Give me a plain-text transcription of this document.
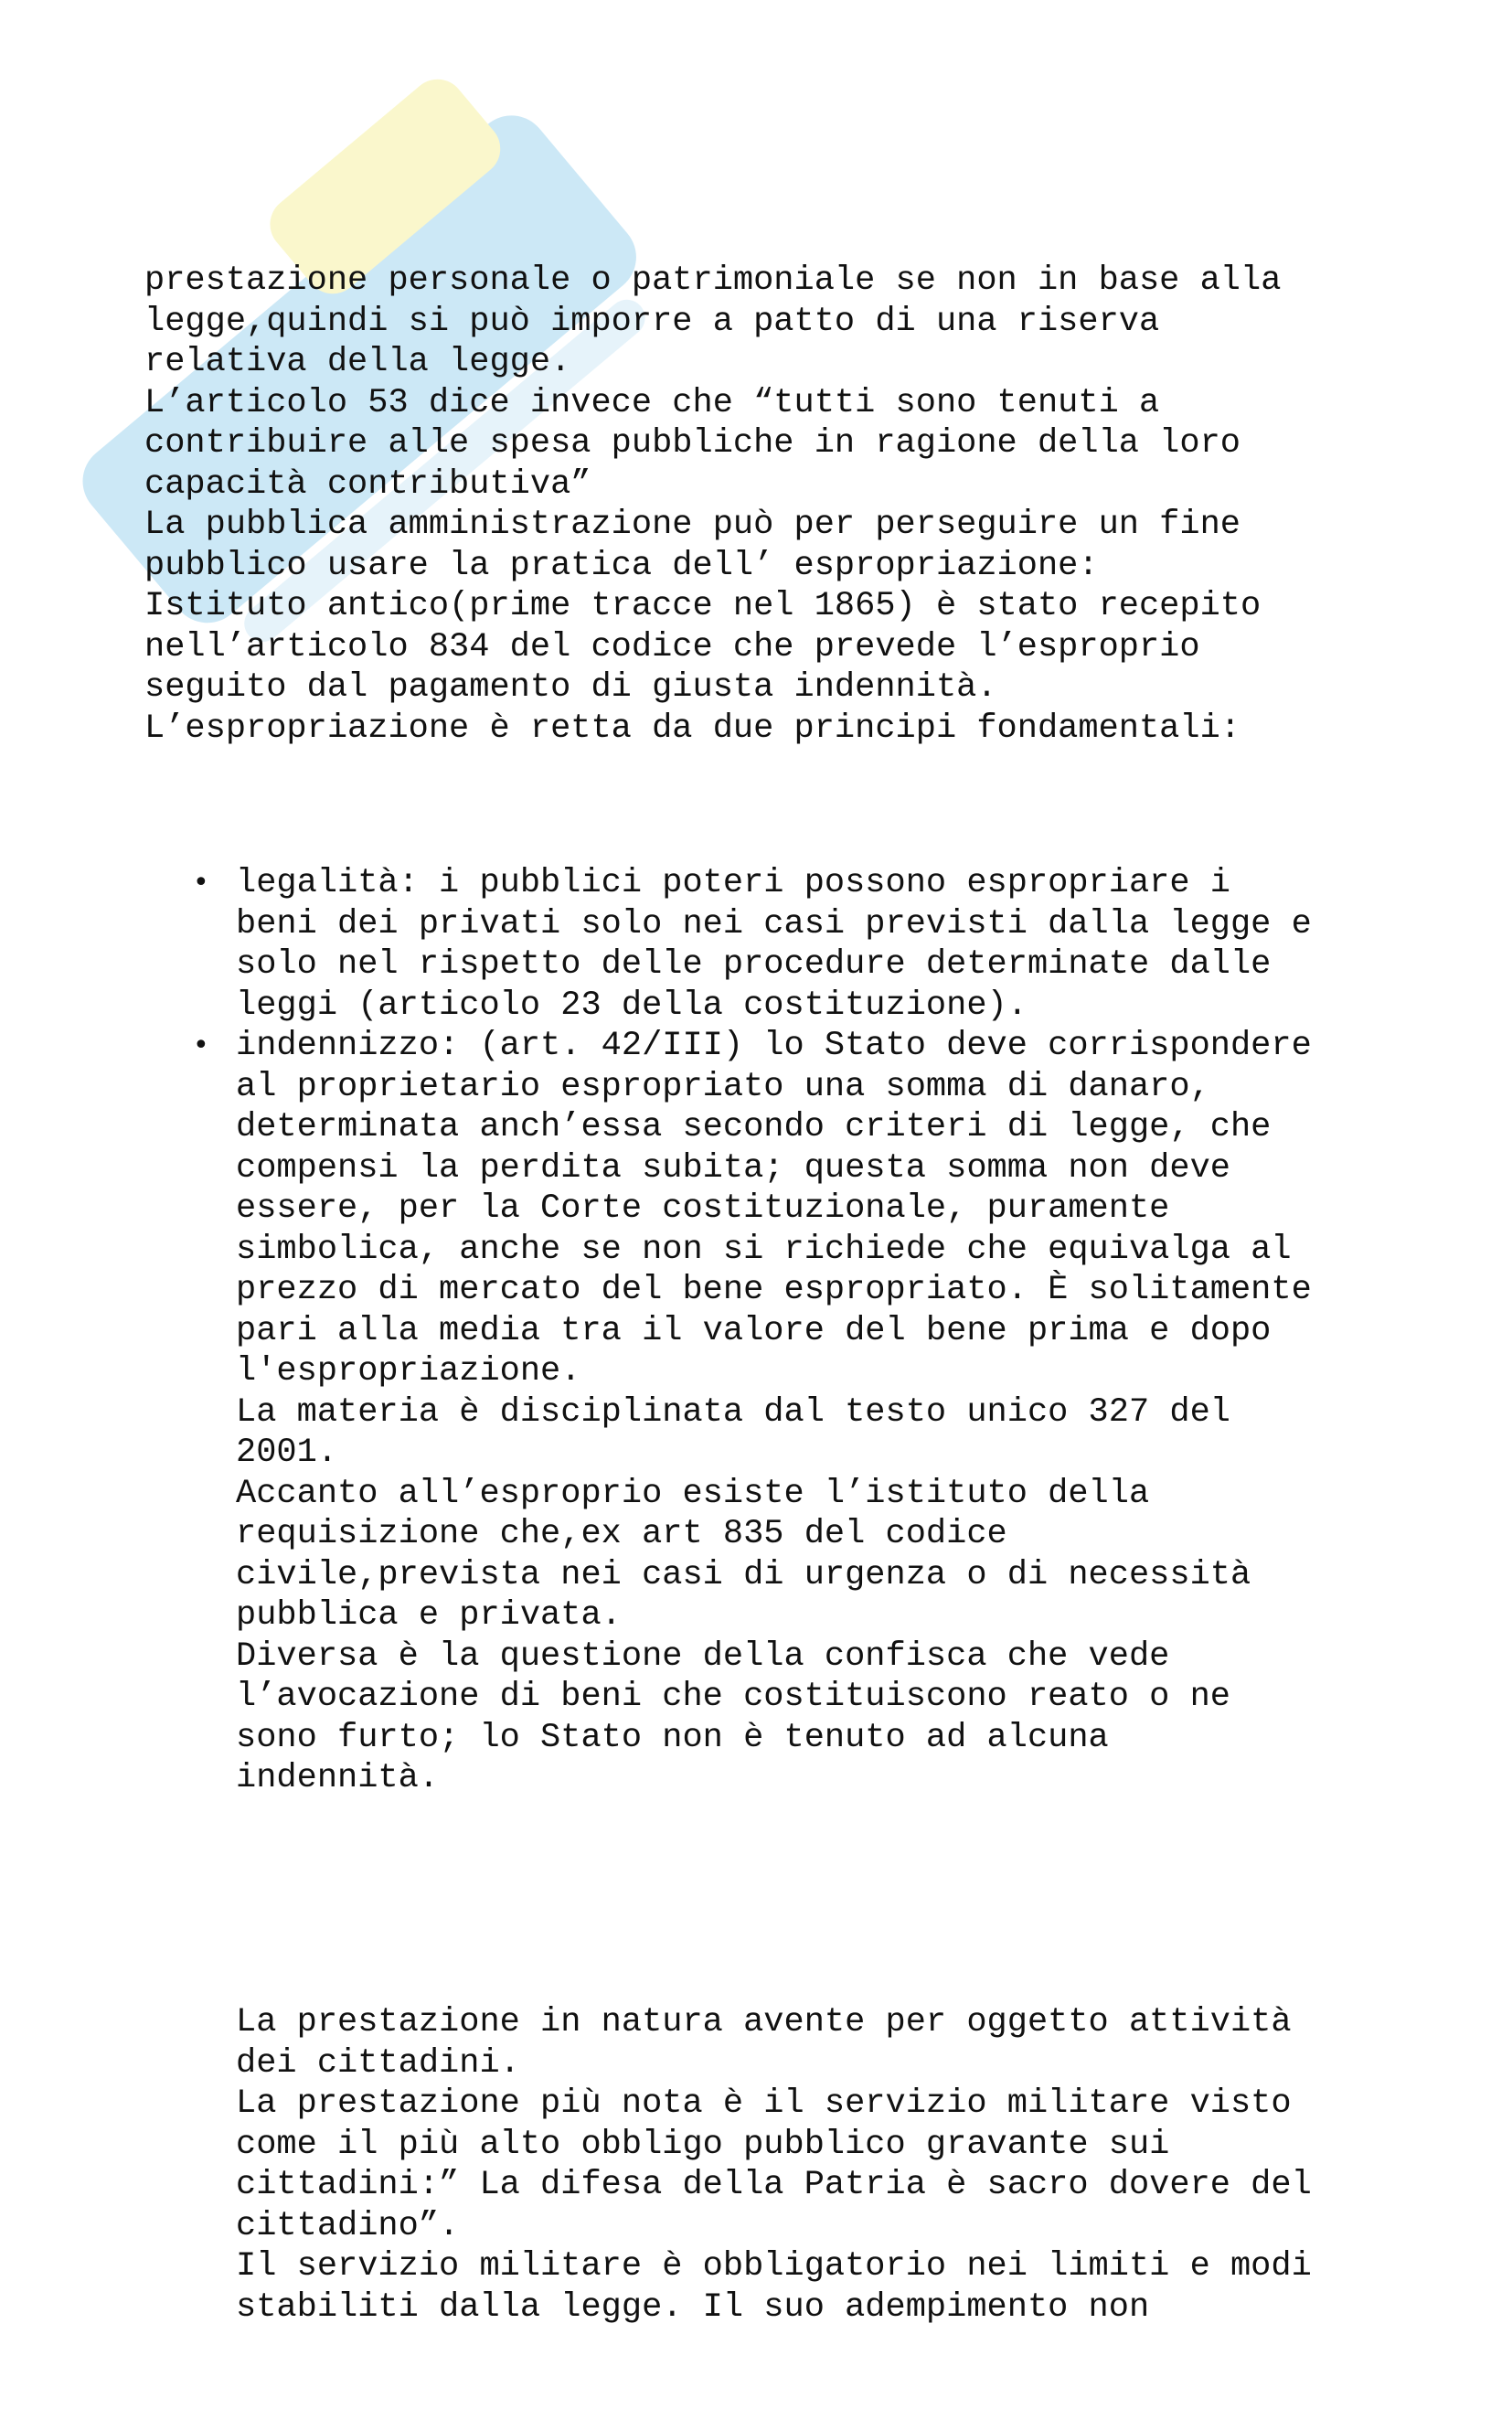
prestazione personale o patrimoniale se non in base alla
legge,quindi si può imporre a patto di una riserva
relativa della legge.
L’articolo 53 dice invece che “tutti sono tenuti a
contribuire alle spesa pubbliche in ragione della loro
capacità contributiva”
La pubblica amministrazione può per perseguire un fine
pubblico usare la pratica dell’ espropriazione:
Istituto antico(prime tracce nel 1865) è stato recepito
nell’articolo 834 del codice che prevede l’esproprio
seguito dal pagamento di giusta indennità.
L’espropriazione è retta da due principi fondamentali:

• legalità: i pubblici poteri possono espropriare i
beni dei privati solo nei casi previsti dalla legge e
solo nel rispetto delle procedure determinate dalle
leggi (articolo 23 della costituzione).
• indennizzo: (art. 42/III) lo Stato deve corrispondere
al proprietario espropriato una somma di danaro,
determinata anch’essa secondo criteri di legge, che
compensi la perdita subita; questa somma non deve
essere, per la Corte costituzionale, puramente
simbolica, anche se non si richiede che equivalga al
prezzo di mercato del bene espropriato. È solitamente
pari alla media tra il valore del bene prima e dopo
l'espropriazione.
La materia è disciplinata dal testo unico 327 del
2001.
Accanto all’esproprio esiste l’istituto della
requisizione che,ex art 835 del codice
civile,prevista nei casi di urgenza o di necessità
pubblica e privata.
Diversa è la questione della confisca che vede
l’avocazione di beni che costituiscono reato o ne
sono furto; lo Stato non è tenuto ad alcuna
indennità.

La prestazione in natura avente per oggetto attività
dei cittadini.
La prestazione più nota è il servizio militare visto
come il più alto obbligo pubblico gravante sui
cittadini:” La difesa della Patria è sacro dovere del
cittadino”.
Il servizio militare è obbligatorio nei limiti e modi
stabiliti dalla legge. Il suo adempimento non
